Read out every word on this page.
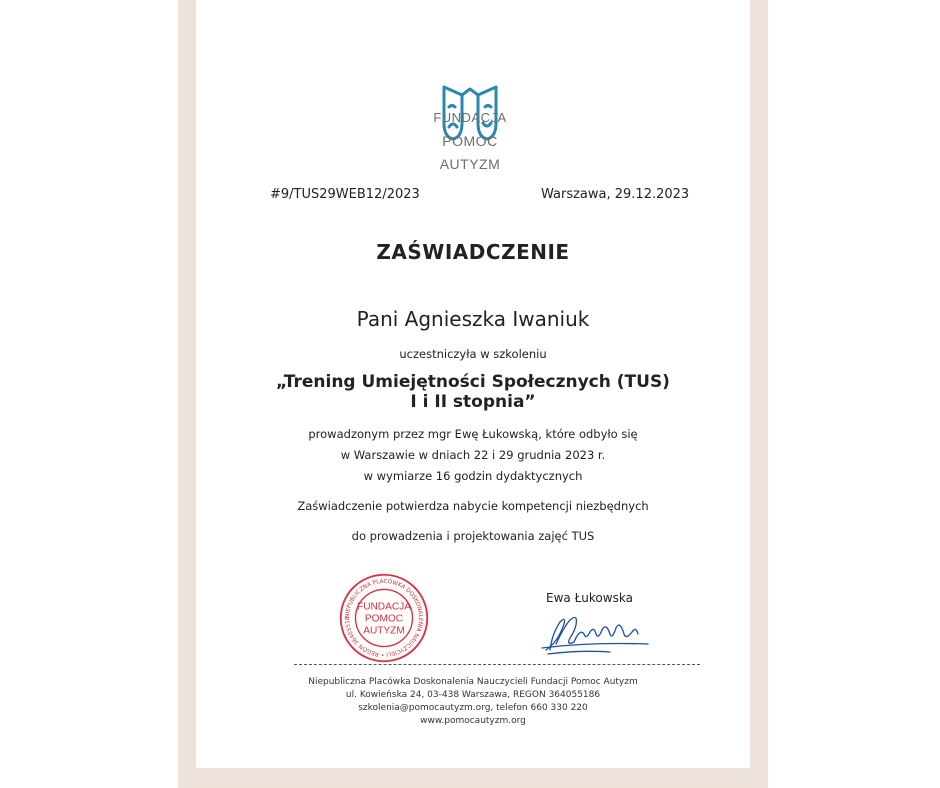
FUNDACJA
POMOC
AUTYZM
#9/TUS29WEB12/2023	Warszawa, 29.12.2023
ZAŚWIADCZENIE
Pani Agnieszka Iwaniuk
uczestniczyła w szkoleniu
„Trening Umiejętności Społecznych (TUS)
I i II stopnia”
prowadzonym przez mgr Ewę Łukowską, które odbyło się
w Warszawie w dniach 22 i 29 grudnia 2023 r.
w wymiarze 16 godzin dydaktycznych
Zaświadczenie potwierdza nabycie kompetencji niezbędnych
do prowadzenia i projektowania zajęć TUS
NIEPUBLICZNA PLACÓWKA DOSKONALENIA NAUCZYCIELI • REGON 36405518
FUNDACJA
POMOC
AUTYZM
Ewa Łukowska
Niepubliczna Placówka Doskonalenia Nauczycieli Fundacji Pomoc Autyzm
ul. Kowieńska 24, 03-438 Warszawa, REGON 364055186
szkolenia@pomocautyzm.org, telefon 660 330 220
www.pomocautyzm.org
